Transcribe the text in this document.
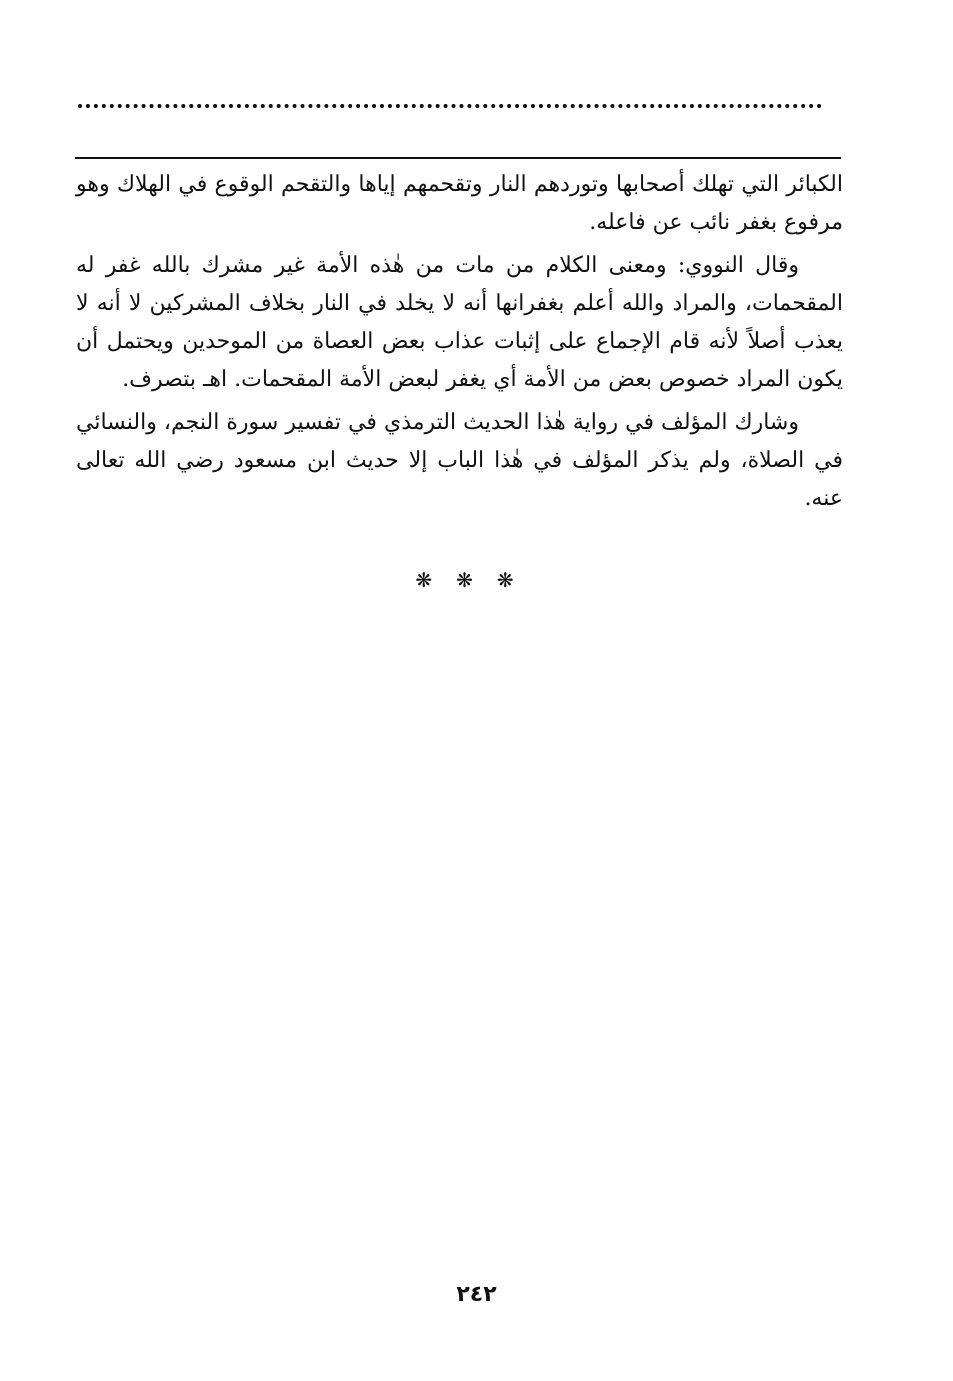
الكبائر التي تهلك أصحابها وتوردهم النار وتقحمهم إياها والتقحم الوقوع في الهلاك وهو مرفوع بغفر نائب عن فاعله.

وقال النووي: ومعنى الكلام من مات من هٰذه الأمة غير مشرك بالله غفر له المقحمات، والمراد والله أعلم بغفرانها أنه لا يخلد في النار بخلاف المشركين لا أنه لا يعذب أصلاً لأنه قام الإجماع على إثبات عذاب بعض العصاة من الموحدين ويحتمل أن يكون المراد خصوص بعض من الأمة أي يغفر لبعض الأمة المقحمات. اهـ بتصرف.

وشارك المؤلف في رواية هٰذا الحديث الترمذي في تفسير سورة النجم، والنسائي في الصلاة، ولم يذكر المؤلف في هٰذا الباب إلا حديث ابن مسعود رضي الله تعالى عنه.

❋❋❋
٢٤٢
